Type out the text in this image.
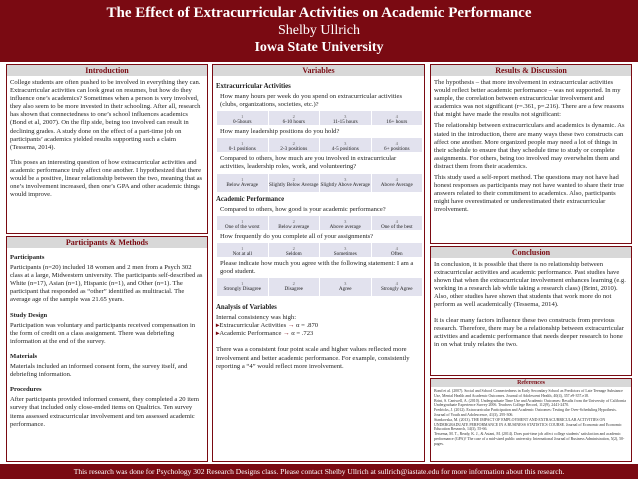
The Effect of Extracurricular Activities on Academic Performance
Shelby Ullrich
Iowa State University
Introduction

College students are often pushed to be involved in everything they can. Extracurricular activities can look great on resumes, but how do they influence one’s academics? Sometimes when a person is very involved, they also seem to be more invested in their schooling. After all, research has shown that connectedness to one’s school influences academics (Bond et al, 2007). On the flip side, being too involved can result in declining grades. A study done on the effect of a part-time job on participants’ academics yielded results supporting such a claim (Tessema, 2014).

This poses an interesting question of how extracurricular activities and academic performance truly affect one another. I hypothesized that there would be a positive, linear relationship between the two, meaning that as one’s involvement increased, then one’s GPA and other academic things would improve.

Participants & Methods
Participants

Participants (n=20) included 18 women and 2 men from a Psych 302 class at a large, Midwestern university. The participants self-described as White (n=17), Asian (n=1), Hispanic (n=1), and Other (n=1). The participant that responded as “other” identified as multiracial. The average age of the sample was 21.65 years.

Study Design

Participation was voluntary and participants received compensation in the form of credit on a class assignment. There was debriefing information at the end of the survey.

Materials

Materials included an informed consent form, the survey itself, and debriefing information.

Procedures

After participants provided informed consent, they completed a 20 item survey that included only close-ended items on Qualtrics. Ten survey items assessed extracurricular involvement and ten assessed academic performance.

Variables
Extracurricular Activities
How many hours per week do you spend on extracurricular activities (clubs, organizations, societies, etc.)?
1
0-5hours
2
6-10 hours
3
11-15 hours
4
16+ hours
How many leadership positions do you hold?
1
0-1 positions
2
2-3 positions
3
4-5 positions
4
6+ positions
Compared to others, how much are you involved in extracurricular activities, leadership roles, work, and volunteering?
1
Below Average
2
Slightly Below Average
3
Slightly Above Average
4
Above Average
Academic Performance
Compared to others, how good is your academic performance?
1
One of the worst
2
Below average
3
Above average
4
One of the best
How frequently do you complete all of your assignments?
1
Not at all
2
Seldom
3
Sometimes
4
Often
Please indicate how much you agree with the following statement: I am a good student.
1
Strongly Disagree
2
Disagree
3
Agree
4
Strongly Agree
Analysis of Variables
Internal consistency was high:
▸Extracurricular Activities → α = .870
▸Academic Performance → α = .723

There was a consistent four point scale and higher values reflected more involvement and better academic performance. For example, consistently reporting a “4” would reflect more involvement.

Results & Discussion

The hypothesis – that more involvement in extracurricular activities would reflect better academic performance – was not supported. In my sample, the correlation between extracurricular involvement and academics was not significant (r=.361, p=.216). There are a few reasons that might have made the results not significant:

The relationship between extracurriculars and academics is dynamic. As stated in the introduction, there are many ways these two constructs can affect one another. More organized people may need a lot of things in their schedule to ensure that they schedule time to study or complete assignments. For others, being too involved may overwhelm them and distract them from their academics.

This study used a self-report method. The questions may not have had honest responses as participants may not have wanted to share their true answers related to their commitment to academics. Also, participants might have overestimated or underestimated their extracurricular involvement.

Conclusion

In conclusion, it is possible that there is no relationship between extracurricular activities and academic performance. Past studies have shown that when the extracurricular involvement enhances learning (e.g. working in a research lab while taking a research class) (Brint, 2010). Also, other studies have shown that students that work more do not perform as well academically (Tessema, 2014).

It is clear many factors influence these two constructs from previous research. Therefore, there may be a relationship between extracurricular activities and academic performance that needs deeper research to hone in on what truly relates the two.

References
Bond et al. (2007). Social and School Connectedness in Early Secondary School as Predictors of Late Teenage Substance Use, Mental Health and Academic Outcomes. Journal of Adolescent Health, 40(4), 357.e9-357.e18.
Brint, S. Cantwell, A. (2010). Undergraduate Time Use and Academic Outcomes: Results from the University of California Undergraduate Experience Survey 2006. Teachers College Record, 112(9), 2441-2470.
Fredricks, J. (2012). Extracurricular Participation and Academic Outcomes: Testing the Over-Scheduling Hypothesis. Journal of Youth and Adolescence, 41(3), 295-306.
Stankovska, M. (2013). THE IMPACT OF EMPLOYMENT AND EXTRACURRICULAR ACTIVITIES ON UNDERGRADUATE PERFORMANCE IN A BUSINESS STATISTICS COURSE. Journal of Economic and Economic Education Research, 14(3), 55-66.
Tessema, M. T., Ready, K. J., & Astani, M. (2014). Does part-time job affect college students’ satisfaction and academic performance (GPA)? The case of a mid-sized public university. International Journal of Business Administration, 5(2), 50-pages.
This research was done for Psychology 302 Research Designs class. Please contact Shelby Ullrich at sullrich@iastate.edu for more information about this research.
